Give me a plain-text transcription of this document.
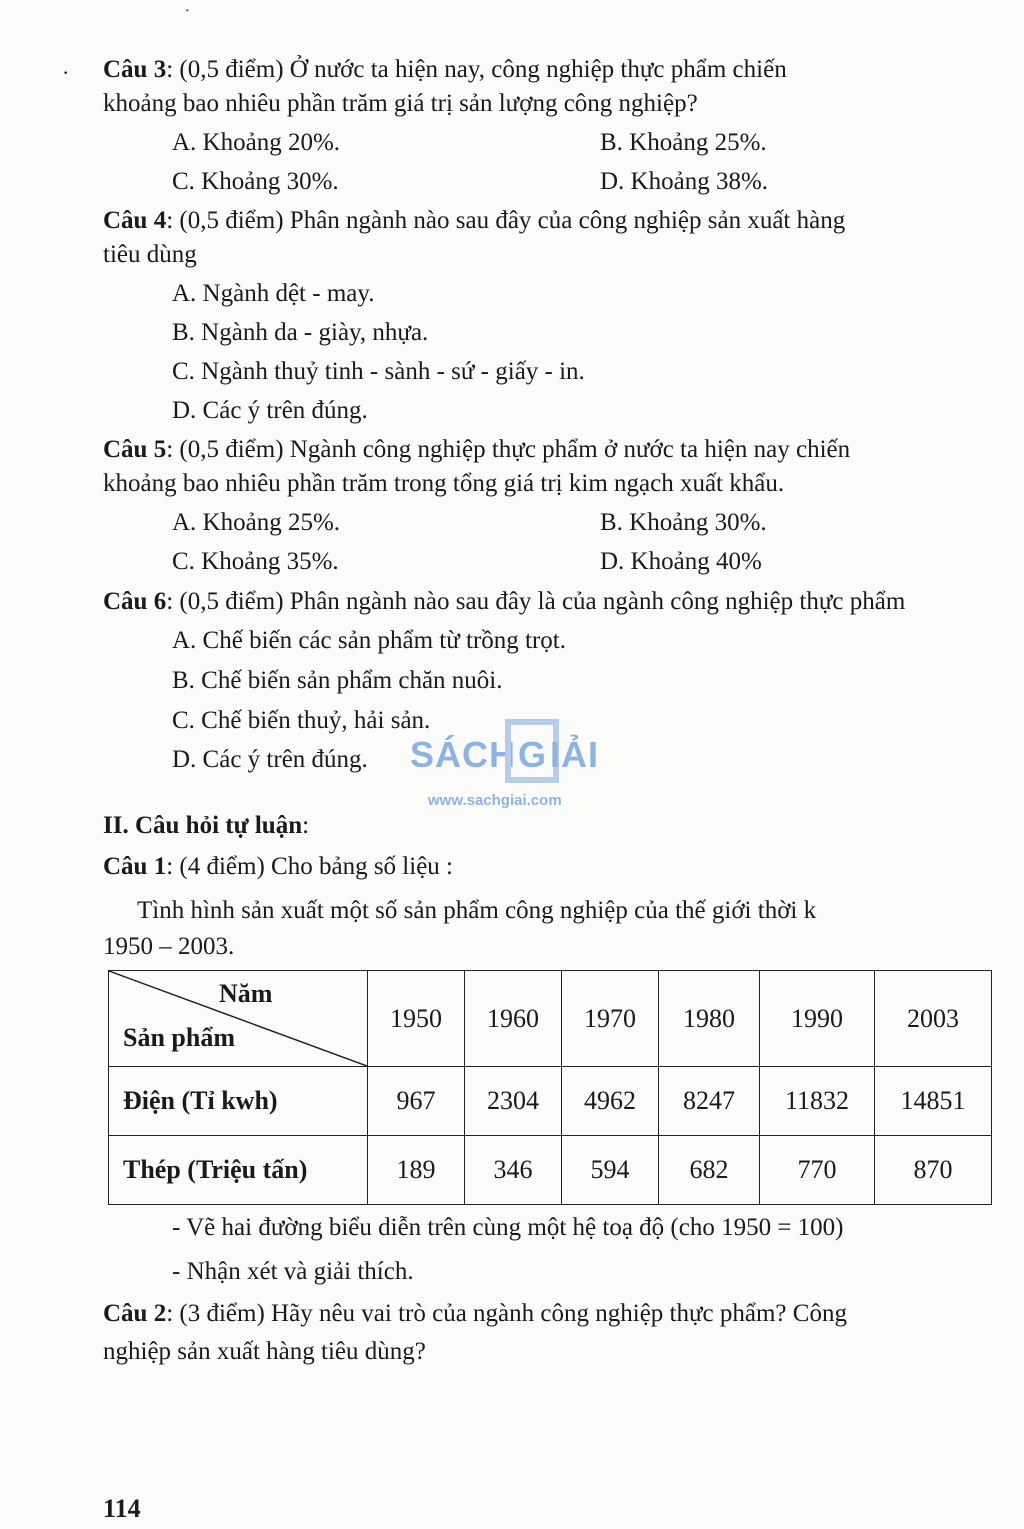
·
· Câu 3: (0,5 điểm) Ở nước ta hiện nay, công nghiệp thực phẩm chiến
khoảng bao nhiêu phần trăm giá trị sản lượng công nghiệp?
A. Khoảng 20%.	B. Khoảng 25%.
C. Khoảng 30%.	D. Khoảng 38%.
Câu 4: (0,5 điểm) Phân ngành nào sau đây của công nghiệp sản xuất hàng
tiêu dùng
A. Ngành dệt - may.
B. Ngành da - giày, nhựa.
C. Ngành thuỷ tinh - sành - sứ - giấy - in.
D. Các ý trên đúng.
Câu 5: (0,5 điểm) Ngành công nghiệp thực phẩm ở nước ta hiện nay chiến
khoảng bao nhiêu phần trăm trong tổng giá trị kim ngạch xuất khẩu.
A. Khoảng 25%.	B. Khoảng 30%.
C. Khoảng 35%.	D. Khoảng 40%
Câu 6: (0,5 điểm) Phân ngành nào sau đây là của ngành công nghiệp thực phẩm
A. Chế biến các sản phẩm từ trồng trọt.
B. Chế biến sản phẩm chăn nuôi.
C. Chế biến thuỷ, hải sản.
D. Các ý trên đúng. SÁCH G IẢI
www.sachgiai.com
II. Câu hỏi tự luận:
Câu 1: (4 điểm) Cho bảng số liệu :
Tình hình sản xuất một số sản phẩm công nghiệp của thế giới thời k
1950 – 2003.
Năm
Sản phẩm	1950	1960	1970	1980	1990	2003
Điện (Tỉ kwh)	967	2304	4962	8247	11832	14851
Thép (Triệu tấn)	189	346	594	682	770	870
- Vẽ hai đường biểu diễn trên cùng một hệ toạ độ (cho 1950 = 100)
- Nhận xét và giải thích.
Câu 2: (3 điểm) Hãy nêu vai trò của ngành công nghiệp thực phẩm? Công
nghiệp sản xuất hàng tiêu dùng?
114
